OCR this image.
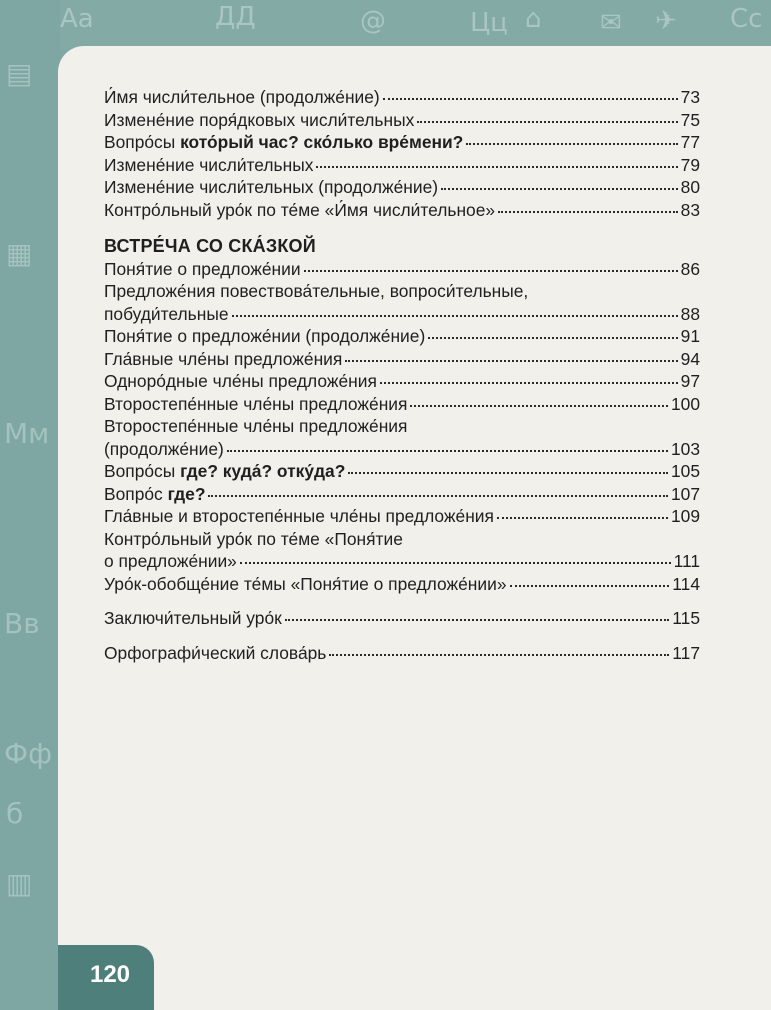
Aa	ДД	@	Цц ⌂ ✉ ✈ Cc
▤
▦
Мм
Вв
Фф
б
▥
И́мя числи́тельное (продолже́ние)	73
Измене́ние поря́дковых числи́тельных	75
Вопро́сы кото́рый час? ско́лько вре́мени?	77
Измене́ние числи́тельных	79
Измене́ние числи́тельных (продолже́ние)	80
Контро́льный уро́к по те́ме «И́мя числи́тельное»	83
ВСТРЕ́ЧА СО СКА́ЗКОЙ
Поня́тие о предложе́нии	86
Предложе́ния повествова́тельные, вопроси́тельные,
побуди́тельные	88
Поня́тие о предложе́нии (продолже́ние)	91
Гла́вные чле́ны предложе́ния	94
Одноро́дные чле́ны предложе́ния	97
Второстепе́нные чле́ны предложе́ния	100
Второстепе́нные чле́ны предложе́ния
(продолже́ние)	103
Вопро́сы где? куда́? отку́да?	105
Вопро́с где?	107
Гла́вные и второстепе́нные чле́ны предложе́ния	109
Контро́льный уро́к по те́ме «Поня́тие
о предложе́нии»	111
Уро́к-обобще́ние те́мы «Поня́тие о предложе́нии»	114
Заключи́тельный уро́к	115
Орфографи́ческий слова́рь	117
120
